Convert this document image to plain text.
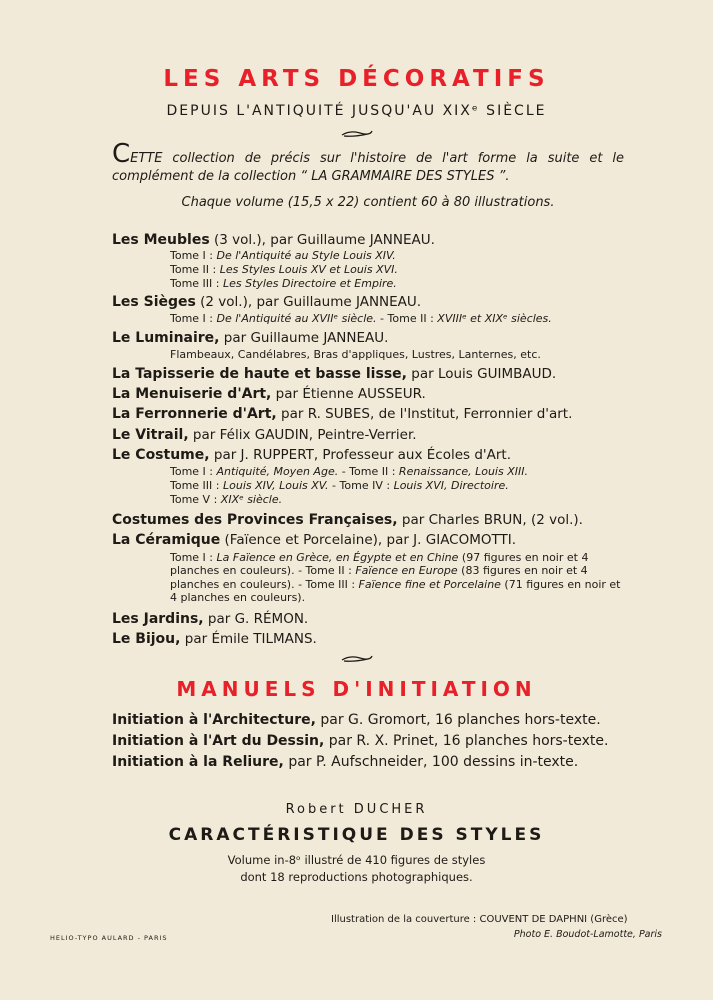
LES ARTS DÉCORATIFS
DEPUIS L'ANTIQUITÉ JUSQU'AU XIXᵉ SIÈCLE
CETTE collection de précis sur l'histoire de l'art forme la suite et le complément de la collection “ LA GRAMMAIRE DES STYLES ”.
Chaque volume (15,5 x 22) contient 60 à 80 illustrations.
Les Meubles (3 vol.), par Guillaume JANNEAU.
Tome I : De l'Antiquité au Style Louis XIV.
Tome II : Les Styles Louis XV et Louis XVI.
Tome III : Les Styles Directoire et Empire.
Les Sièges (2 vol.), par Guillaume JANNEAU.
Tome I : De l'Antiquité au XVIIᵉ siècle. - Tome II : XVIIIᵉ et XIXᵉ siècles.
Le Luminaire, par Guillaume JANNEAU.
Flambeaux, Candélabres, Bras d'appliques, Lustres, Lanternes, etc.
La Tapisserie de haute et basse lisse, par Louis GUIMBAUD.
La Menuiserie d'Art, par Étienne AUSSEUR.
La Ferronnerie d'Art, par R. SUBES, de l'Institut, Ferronnier d'art.
Le Vitrail, par Félix GAUDIN, Peintre-Verrier.
Le Costume, par J. RUPPERT, Professeur aux Écoles d'Art.
Tome I : Antiquité, Moyen Age. - Tome II : Renaissance, Louis XIII.
Tome III : Louis XIV, Louis XV. - Tome IV : Louis XVI, Directoire.
Tome V : XIXᵉ siècle.
Costumes des Provinces Françaises, par Charles BRUN, (2 vol.).
La Céramique (Faïence et Porcelaine), par J. GIACOMOTTI.
Tome I : La Faïence en Grèce, en Égypte et en Chine (97 figures en noir et 4 planches en couleurs). - Tome II : Faïence en Europe (83 figures en noir et 4 planches en couleurs). - Tome III : Faïence fine et Porcelaine (71 figures en noir et 4 planches en couleurs).
Les Jardins, par G. RÉMON.
Le Bijou, par Émile TILMANS.
MANUELS D'INITIATION
Initiation à l'Architecture, par G. Gromort, 16 planches hors-texte.
Initiation à l'Art du Dessin, par R. X. Prinet, 16 planches hors-texte.
Initiation à la Reliure, par P. Aufschneider, 100 dessins in-texte.
Robert DUCHER
CARACTÉRISTIQUE DES STYLES
Volume in-8ᵒ illustré de 410 figures de styles
dont 18 reproductions photographiques.
HELIO-TYPO AULARD - PARIS
Illustration de la couverture : COUVENT DE DAPHNI (Grèce)
Photo E. Boudot-Lamotte, Paris
